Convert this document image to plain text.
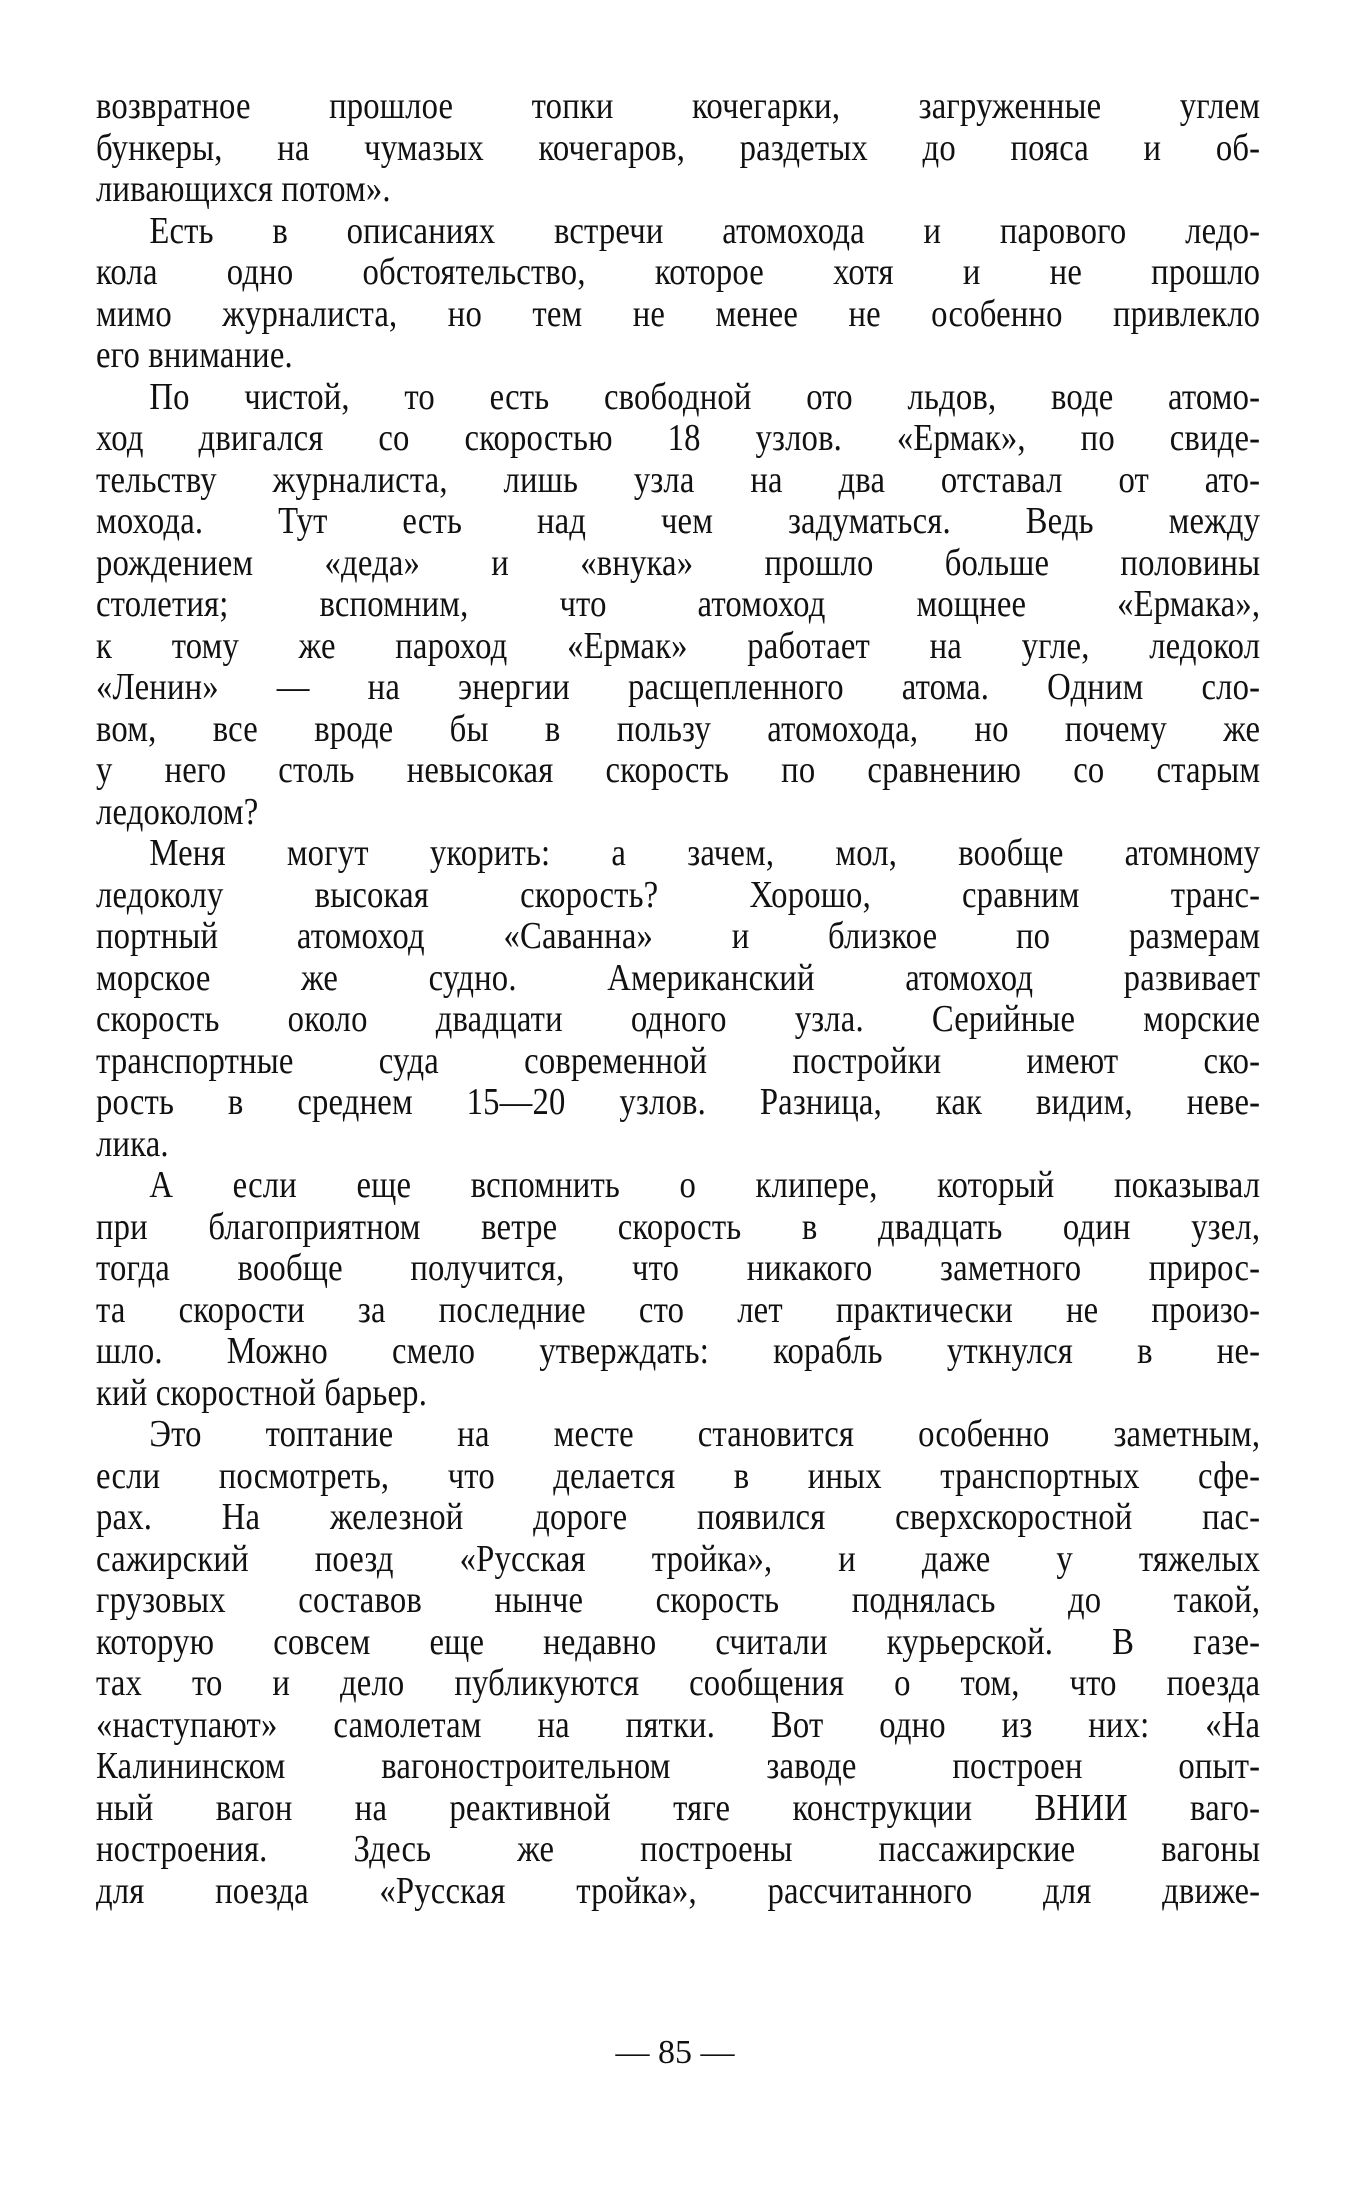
возвратное прошлое топки кочегарки, загруженные углем
бункеры, на чумазых кочегаров, раздетых до пояса и об-
ливающихся потом».
Есть в описаниях встречи атомохода и парового ледо-
кола одно обстоятельство, которое хотя и не прошло
мимо журналиста, но тем не менее не особенно привлекло
его внимание.
По чистой, то есть свободной ото льдов, воде атомо-
ход двигался со скоростью 18 узлов. «Ермак», по свиде-
тельству журналиста, лишь узла на два отставал от ато-
мохода. Тут есть над чем задуматься. Ведь между
рождением «деда» и «внука» прошло больше половины
столетия; вспомним, что атомоход мощнее «Ермака»,
к тому же пароход «Ермак» работает на угле, ледокол
«Ленин» — на энергии расщепленного атома. Одним сло-
вом, все вроде бы в пользу атомохода, но почему же
у него столь невысокая скорость по сравнению со старым
ледоколом?
Меня могут укорить: а зачем, мол, вообще атомному
ледоколу высокая скорость? Хорошо, сравним транс-
портный атомоход «Саванна» и близкое по размерам
морское же судно. Американский атомоход развивает
скорость около двадцати одного узла. Серийные морские
транспортные суда современной постройки имеют ско-
рость в среднем 15—20 узлов. Разница, как видим, неве-
лика.
А если еще вспомнить о клипере, который показывал
при благоприятном ветре скорость в двадцать один узел,
тогда вообще получится, что никакого заметного прирос-
та скорости за последние сто лет практически не произо-
шло. Можно смело утверждать: корабль уткнулся в не-
кий скоростной барьер.
Это топтание на месте становится особенно заметным,
если посмотреть, что делается в иных транспортных сфе-
рах. На железной дороге появился сверхскоростной пас-
сажирский поезд «Русская тройка», и даже у тяжелых
грузовых составов нынче скорость поднялась до такой,
которую совсем еще недавно считали курьерской. В газе-
тах то и дело публикуются сообщения о том, что поезда
«наступают» самолетам на пятки. Вот одно из них: «На
Калининском вагоностроительном заводе построен опыт-
ный вагон на реактивной тяге конструкции ВНИИ ваго-
ностроения. Здесь же построены пассажирские вагоны
для поезда «Русская тройка», рассчитанного для движе-
— 85 —
